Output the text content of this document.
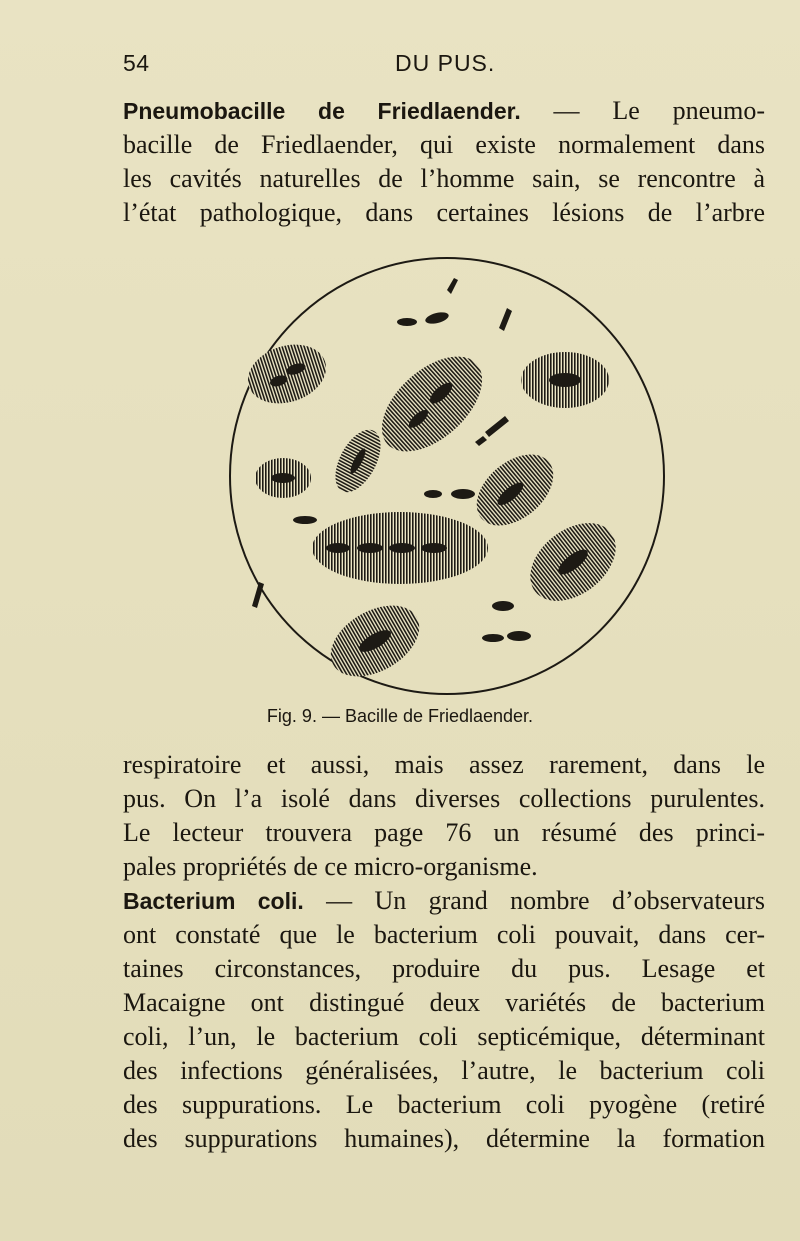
54	DU PUS.
Pneumobacille de Friedlaender. — Le pneumo-
bacille de Friedlaender, qui existe normalement dans
les cavités naturelles de l’homme sain, se rencontre à
l’état pathologique, dans certaines lésions de l’arbre
Fig. 9. — Bacille de Friedlaender.
respiratoire et aussi, mais assez rarement, dans le
pus. On l’a isolé dans diverses collections purulentes.
Le lecteur trouvera page 76 un résumé des princi-
pales propriétés de ce micro-organisme.
Bacterium coli. — Un grand nombre d’observateurs
ont constaté que le bacterium coli pouvait, dans cer-
taines circonstances, produire du pus. Lesage et
Macaigne ont distingué deux variétés de bacterium
coli, l’un, le bacterium coli septicémique, déterminant
des infections généralisées, l’autre, le bacterium coli
des suppurations. Le bacterium coli pyogène (retiré
des suppurations humaines), détermine la formation
